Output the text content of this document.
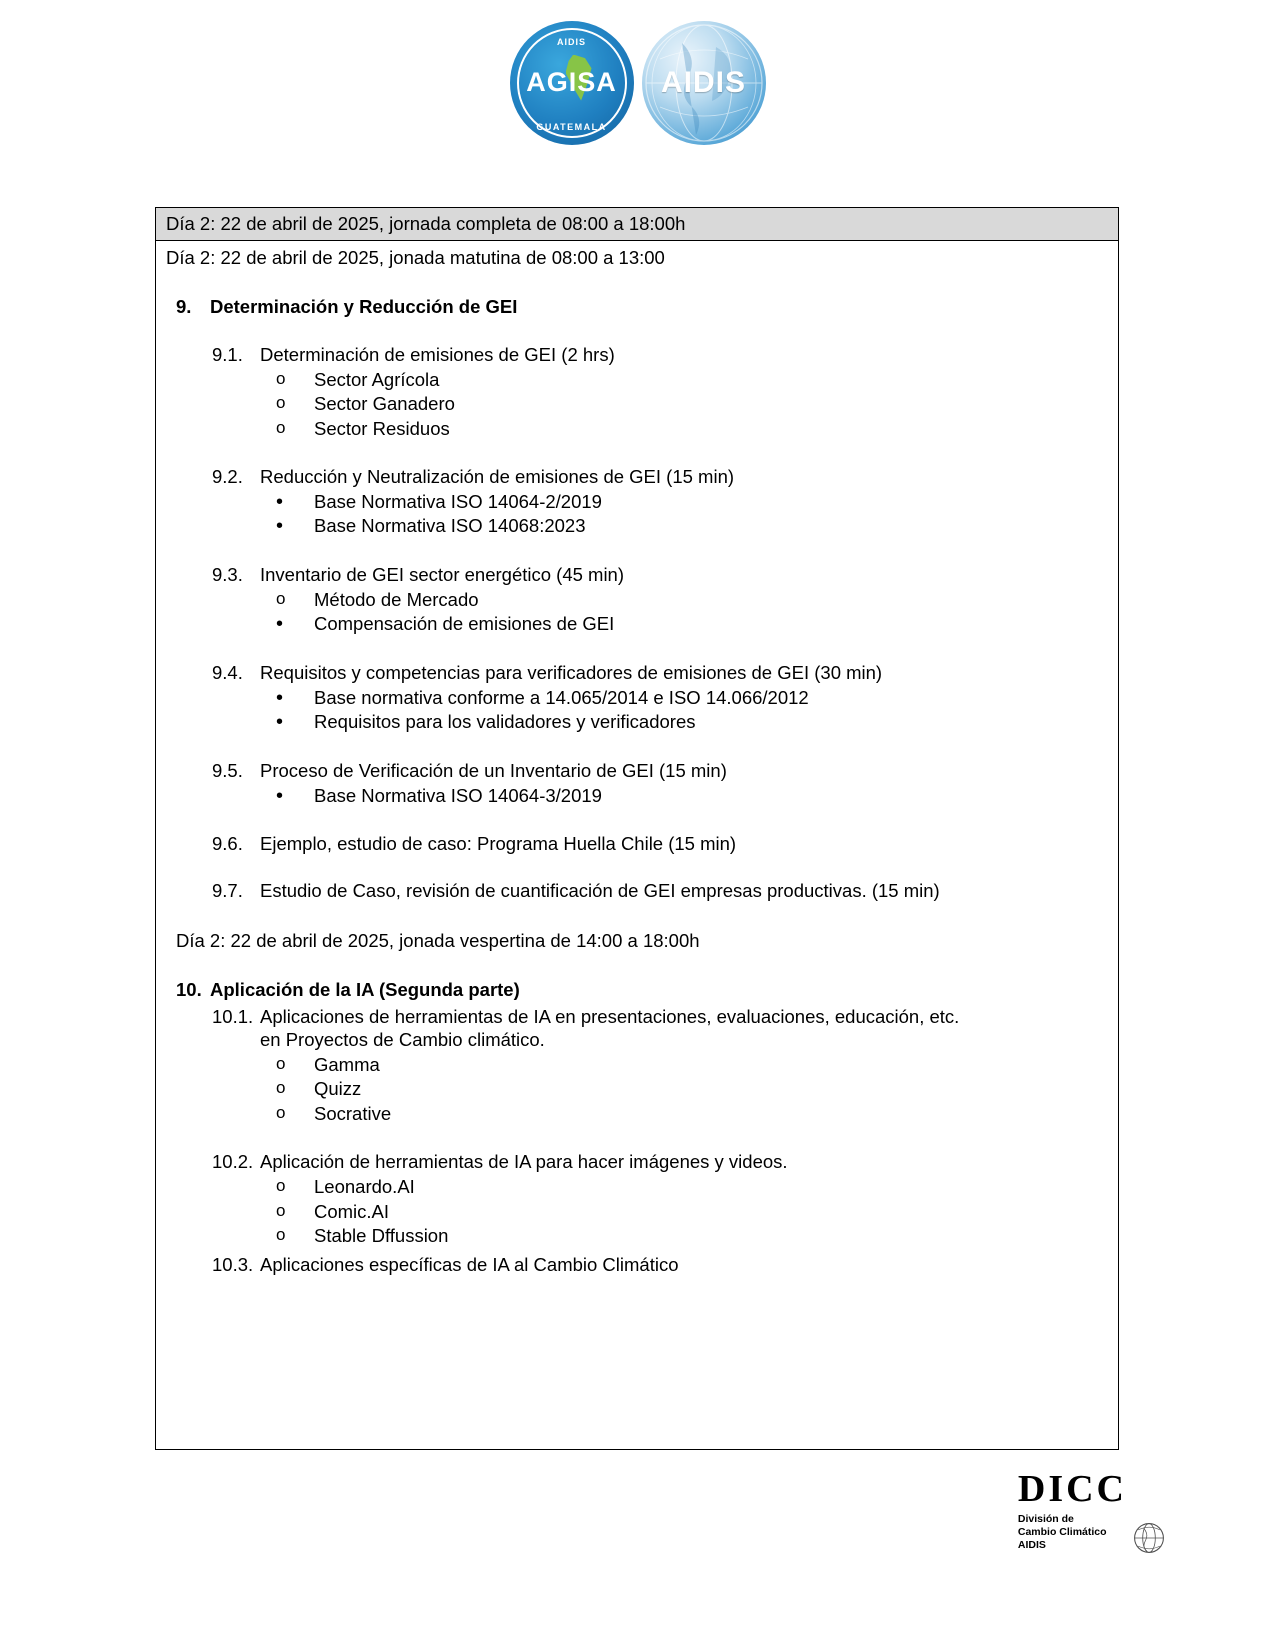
AIDIS
AGISA
GUATEMALA
AIDIS
Día 2: 22 de abril de 2025, jornada completa de 08:00 a 18:00h
Día 2: 22 de abril de 2025, jonada matutina de 08:00 a 13:00
9.	Determinación y Reducción de GEI
9.1. Determinación de emisiones de GEI (2 hrs)
o	Sector Agrícola
o	Sector Ganadero
o	Sector Residuos
9.2. Reducción y Neutralización de emisiones de GEI (15 min)
•	Base Normativa ISO 14064-2/2019
•	Base Normativa ISO 14068:2023
9.3. Inventario de GEI sector energético (45 min)
o	Método de Mercado
•	Compensación de emisiones de GEI
9.4. Requisitos y competencias para verificadores de emisiones de GEI (30 min)
•	Base normativa conforme a 14.065/2014 e ISO 14.066/2012
•	Requisitos para los validadores y verificadores
9.5. Proceso de Verificación de un Inventario de GEI (15 min)
•	Base Normativa ISO 14064-3/2019
9.6. Ejemplo, estudio de caso: Programa Huella Chile (15 min)
9.7. Estudio de Caso, revisión de cuantificación de GEI empresas productivas. (15 min)
Día 2: 22 de abril de 2025, jonada vespertina de 14:00 a 18:00h
10. Aplicación de la IA (Segunda parte)
10.1. Aplicaciones de herramientas de IA en presentaciones, evaluaciones, educación, etc.
en Proyectos de Cambio climático.
o	Gamma
o	Quizz
o	Socrative
10.2. Aplicación de herramientas de IA para hacer imágenes y videos.
o	Leonardo.AI
o	Comic.AI
o	Stable Dffussion
10.3. Aplicaciones específicas de IA al Cambio Climático
DICC
División de
Cambio Climático
AIDIS
